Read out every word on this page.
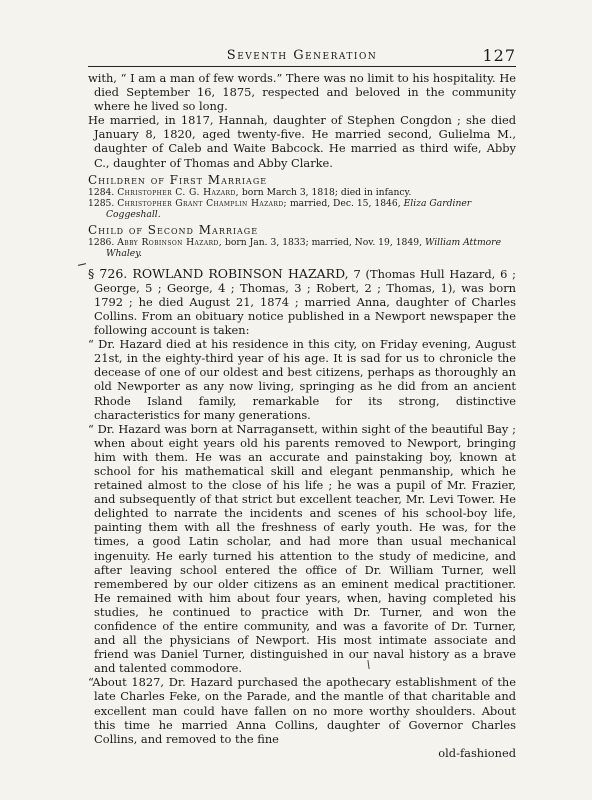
Seventh Generation	127

with, “ I am a man of few words.” There was no limit to his hospitality. He died September 16, 1875, respected and beloved in the community where he lived so long.

He married, in 1817, Hannah, daughter of Stephen Congdon ; she died January 8, 1820, aged twenty-five. He married second, Gulielma M., daughter of Caleb and Waite Babcock. He married as third wife, Abby C., daughter of Thomas and Abby Clarke.

Children of First Marriage

1284. Christopher C. G. Hazard, born March 3, 1818; died in infancy.

1285. Christopher Grant Champlin Hazard; married, Dec. 15, 1846, Eliza Gardiner Coggeshall.

Child of Second Marriage

1286. Abby Robinson Hazard, born Jan. 3, 1833; married, Nov. 19, 1849, William Attmore Whaley.

§ 726. ROWLAND ROBINSON HAZARD, 7 (Thomas Hull Hazard, 6 ; George, 5 ; George, 4 ; Thomas, 3 ; Robert, 2 ; Thomas, 1), was born 1792 ; he died August 21, 1874 ; married Anna, daughter of Charles Collins. From an obituary notice published in a Newport newspaper the following account is taken:

“ Dr. Hazard died at his residence in this city, on Friday evening, August 21st, in the eighty-third year of his age. It is sad for us to chronicle the decease of one of our oldest and best citizens, perhaps as thoroughly an old Newporter as any now living, springing as he did from an ancient Rhode Island family, remarkable for its strong, distinctive characteristics for many generations.

“ Dr. Hazard was born at Narragansett, within sight of the beautiful Bay ; when about eight years old his parents removed to Newport, bringing him with them. He was an accurate and painstaking boy, known at school for his mathematical skill and elegant penmanship, which he retained almost to the close of his life ; he was a pupil of Mr. Frazier, and subsequently of that strict but excellent teacher, Mr. Levi Tower. He delighted to narrate the incidents and scenes of his school-boy life, painting them with all the freshness of early youth. He was, for the times, a good Latin scholar, and had more than usual mechanical ingenuity. He early turned his attention to the study of medicine, and after leaving school entered the office of Dr. William Turner, well remembered by our older citizens as an eminent medical practitioner. He remained with him about four years, when, having completed his studies, he continued to practice with Dr. Turner, and won the confidence of the entire community, and was a favorite of Dr. Turner, and all the physicians of Newport. His most intimate associate and friend was Daniel Turner, distinguished in our naval history as a brave and talented commodore.

“About 1827, Dr. Hazard purchased the apothecary establishment of the late Charles Feke, on the Parade, and the mantle of that charitable and excellent man could have fallen on no more worthy shoulders. About this time he married Anna Collins, daughter of Governor Charles Collins, and removed to the fine

old-fashioned
